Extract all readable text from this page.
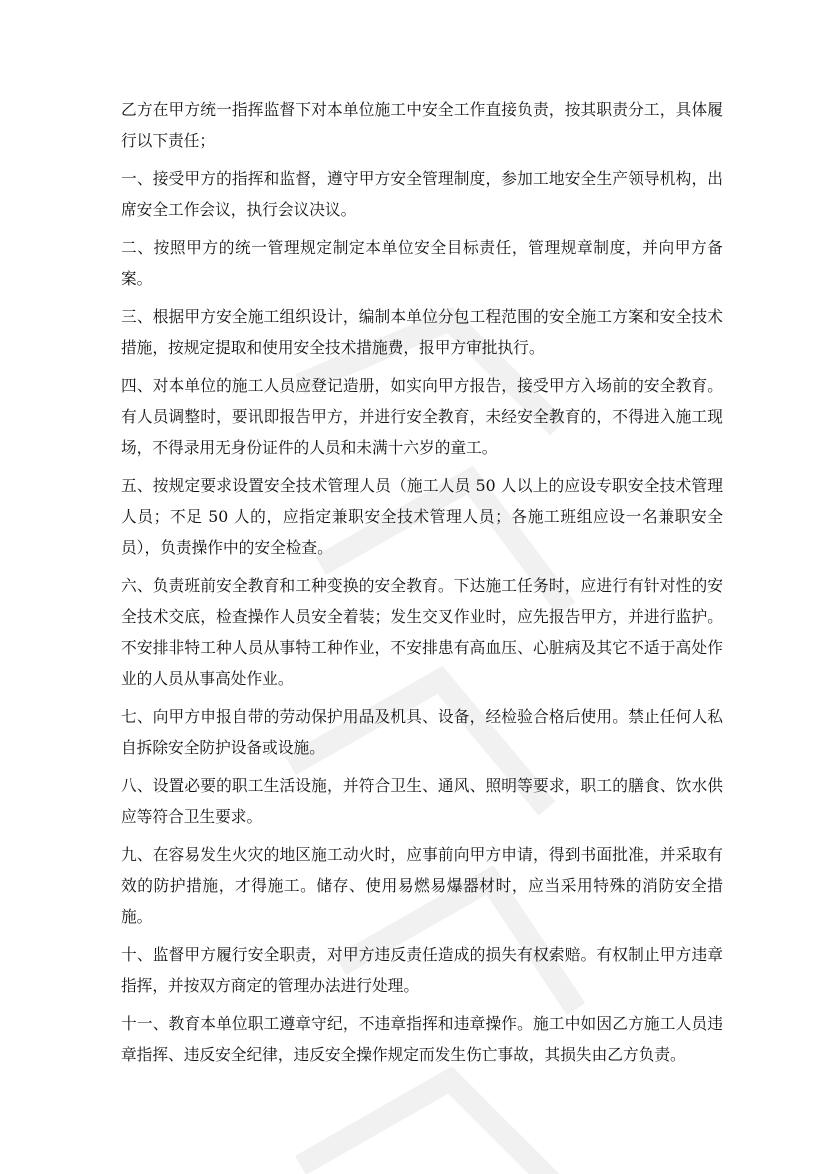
乙方在甲方统一指挥监督下对本单位施工中安全工作直接负责，按其职责分工，具体履行以下责任；

一、接受甲方的指挥和监督，遵守甲方安全管理制度，参加工地安全生产领导机构，出席安全工作会议，执行会议决议。

二、按照甲方的统一管理规定制定本单位安全目标责任，管理规章制度，并向甲方备案。

三、根据甲方安全施工组织设计，编制本单位分包工程范围的安全施工方案和安全技术措施，按规定提取和使用安全技术措施费，报甲方审批执行。

四、对本单位的施工人员应登记造册，如实向甲方报告，接受甲方入场前的安全教育。有人员调整时，要讯即报告甲方，并进行安全教育，未经安全教育的，不得进入施工现场，不得录用无身份证件的人员和未满十六岁的童工。

五、按规定要求设置安全技术管理人员（施工人员 50 人以上的应设专职安全技术管理人员；不足 50 人的，应指定兼职安全技术管理人员；各施工班组应设一名兼职安全员），负责操作中的安全检查。

六、负责班前安全教育和工种变换的安全教育。下达施工任务时，应进行有针对性的安全技术交底，检查操作人员安全着装；发生交叉作业时，应先报告甲方，并进行监护。不安排非特工种人员从事特工种作业，不安排患有高血压、心脏病及其它不适于高处作业的人员从事高处作业。

七、向甲方申报自带的劳动保护用品及机具、设备，经检验合格后使用。禁止任何人私自拆除安全防护设备或设施。

八、设置必要的职工生活设施，并符合卫生、通风、照明等要求，职工的膳食、饮水供应等符合卫生要求。

九、在容易发生火灾的地区施工动火时，应事前向甲方申请，得到书面批准，并采取有效的防护措施，才得施工。储存、使用易燃易爆器材时，应当采用特殊的消防安全措施。

十、监督甲方履行安全职责，对甲方违反责任造成的损失有权索赔。有权制止甲方违章指挥，并按双方商定的管理办法进行处理。

十一、教育本单位职工遵章守纪，不违章指挥和违章操作。施工中如因乙方施工人员违章指挥、违反安全纪律，违反安全操作规定而发生伤亡事故，其损失由乙方负责。
